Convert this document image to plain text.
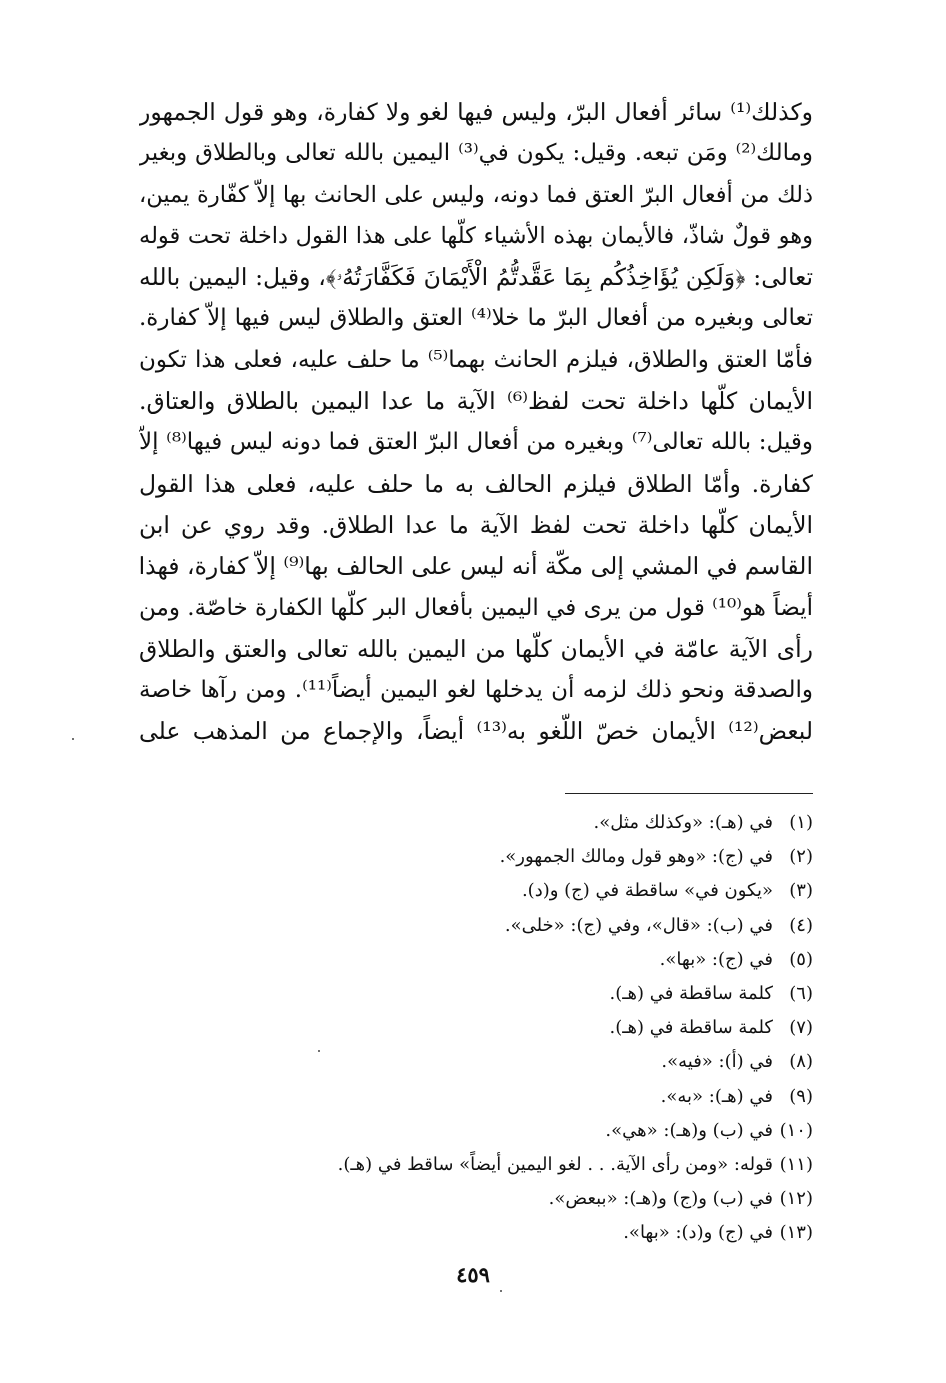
وكذلك⁽¹⁾ سائر أفعال البرّ، وليس فيها لغو ولا كفارة، وهو قول الجمهور
ومالك⁽²⁾ ومَن تبعه. وقيل: يكون في⁽³⁾ اليمين بالله تعالى وبالطلاق وبغير
ذلك من أفعال البرّ العتق فما دونه، وليس على الحانث بها إلاّ كفّارة يمين،
وهو قولٌ شاذّ، فالأيمان بهذه الأشياء كلّها على هذا القول داخلة تحت قوله
تعالى: ﴿وَلَكِن يُؤَاخِذُكُم بِمَا عَقَّدتُّمُ الْأَيْمَانَ فَكَفَّارَتُهُۥ﴾، وقيل: اليمين بالله
تعالى وبغيره من أفعال البرّ ما خلا⁽⁴⁾ العتق والطلاق ليس فيها إلاّ كفارة.
فأمّا العتق والطلاق، فيلزم الحانث بهما⁽⁵⁾ ما حلف عليه، فعلى هذا تكون
الأيمان كلّها داخلة تحت لفظ⁽⁶⁾ الآية ما عدا اليمين بالطلاق والعتاق.
وقيل: بالله تعالى⁽⁷⁾ وبغيره من أفعال البرّ العتق فما دونه ليس فيها⁽⁸⁾ إلاّ
كفارة. وأمّا الطلاق فيلزم الحالف به ما حلف عليه، فعلى هذا القول
الأيمان كلّها داخلة تحت لفظ الآية ما عدا الطلاق. وقد روي عن ابن
القاسم في المشي إلى مكّة أنه ليس على الحالف بها⁽⁹⁾ إلاّ كفارة، فهذا
أيضاً هو⁽¹⁰⁾ قول من يرى في اليمين بأفعال البر كلّها الكفارة خاصّة. ومن
رأى الآية عامّة في الأيمان كلّها من اليمين بالله تعالى والعتق والطلاق
والصدقة ونحو ذلك لزمه أن يدخلها لغو اليمين أيضاً⁽¹¹⁾. ومن رآها خاصة
لبعض⁽¹²⁾ الأيمان خصّ اللّغو به⁽¹³⁾ أيضاً، والإجماع من المذهب على
(١)في (هـ): «وكذلك مثل».
(٢)في (ج): «وهو قول ومالك الجمهور».
(٣)«يكون في» ساقطة في (ج) و(د).
(٤)في (ب): «قال»، وفي (ج): «خلى».
(٥)في (ج): «بها».
(٦)كلمة ساقطة في (هـ).
(٧)كلمة ساقطة في (هـ).
(٨)في (أ): «فيه».
(٩)في (هـ): «به».
(١٠)في (ب) و(هـ): «هي».
(١١)قوله: «ومن رأى الآية. . . لغو اليمين أيضاً» ساقط في (هـ).
(١٢)في (ب) و(ج) و(هـ): «ببعض».
(١٣)في (ج) و(د): «بها».
٤٥٩
